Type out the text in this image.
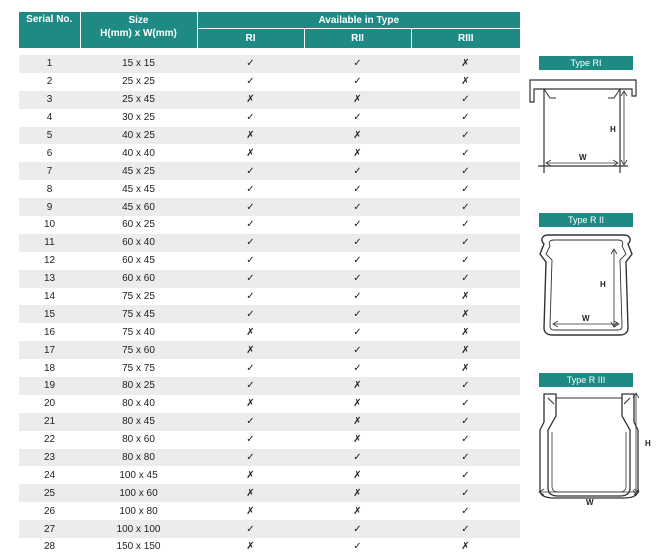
Serial No.	Size
H(mm) x W(mm)	Available in Type		
		RI	RII	RIII

1	15 x 15	✓	✓	✗
2	25 x 25	✓	✓	✗
3	25 x 45	✗	✗	✓
4	30 x 25	✓	✓	✓
5	40 x 25	✗	✗	✓
6	40 x 40	✗	✗	✓
7	45 x 25	✓	✓	✓
8	45 x 45	✓	✓	✓
9	45 x 60	✓	✓	✓
10	60 x 25	✓	✓	✓
11	60 x 40	✓	✓	✓
12	60 x 45	✓	✓	✓
13	60 x 60	✓	✓	✓
14	75 x 25	✓	✓	✗
15	75 x 45	✓	✓	✗
16	75 x 40	✗	✓	✗
17	75 x 60	✗	✓	✗
18	75 x 75	✓	✓	✗
19	80 x 25	✓	✗	✓
20	80 x 40	✗	✗	✓
21	80 x 45	✓	✗	✓
22	80 x 60	✓	✗	✓
23	80 x 80	✓	✓	✓
24	100 x 45	✗	✗	✓
25	100 x 60	✗	✗	✓
26	100 x 80	✗	✗	✓
27	100 x 100	✓	✓	✓
28	150 x 150	✗	✓	✗
Type RI
H
W
Type R II
H
W
Type R III
H
W
